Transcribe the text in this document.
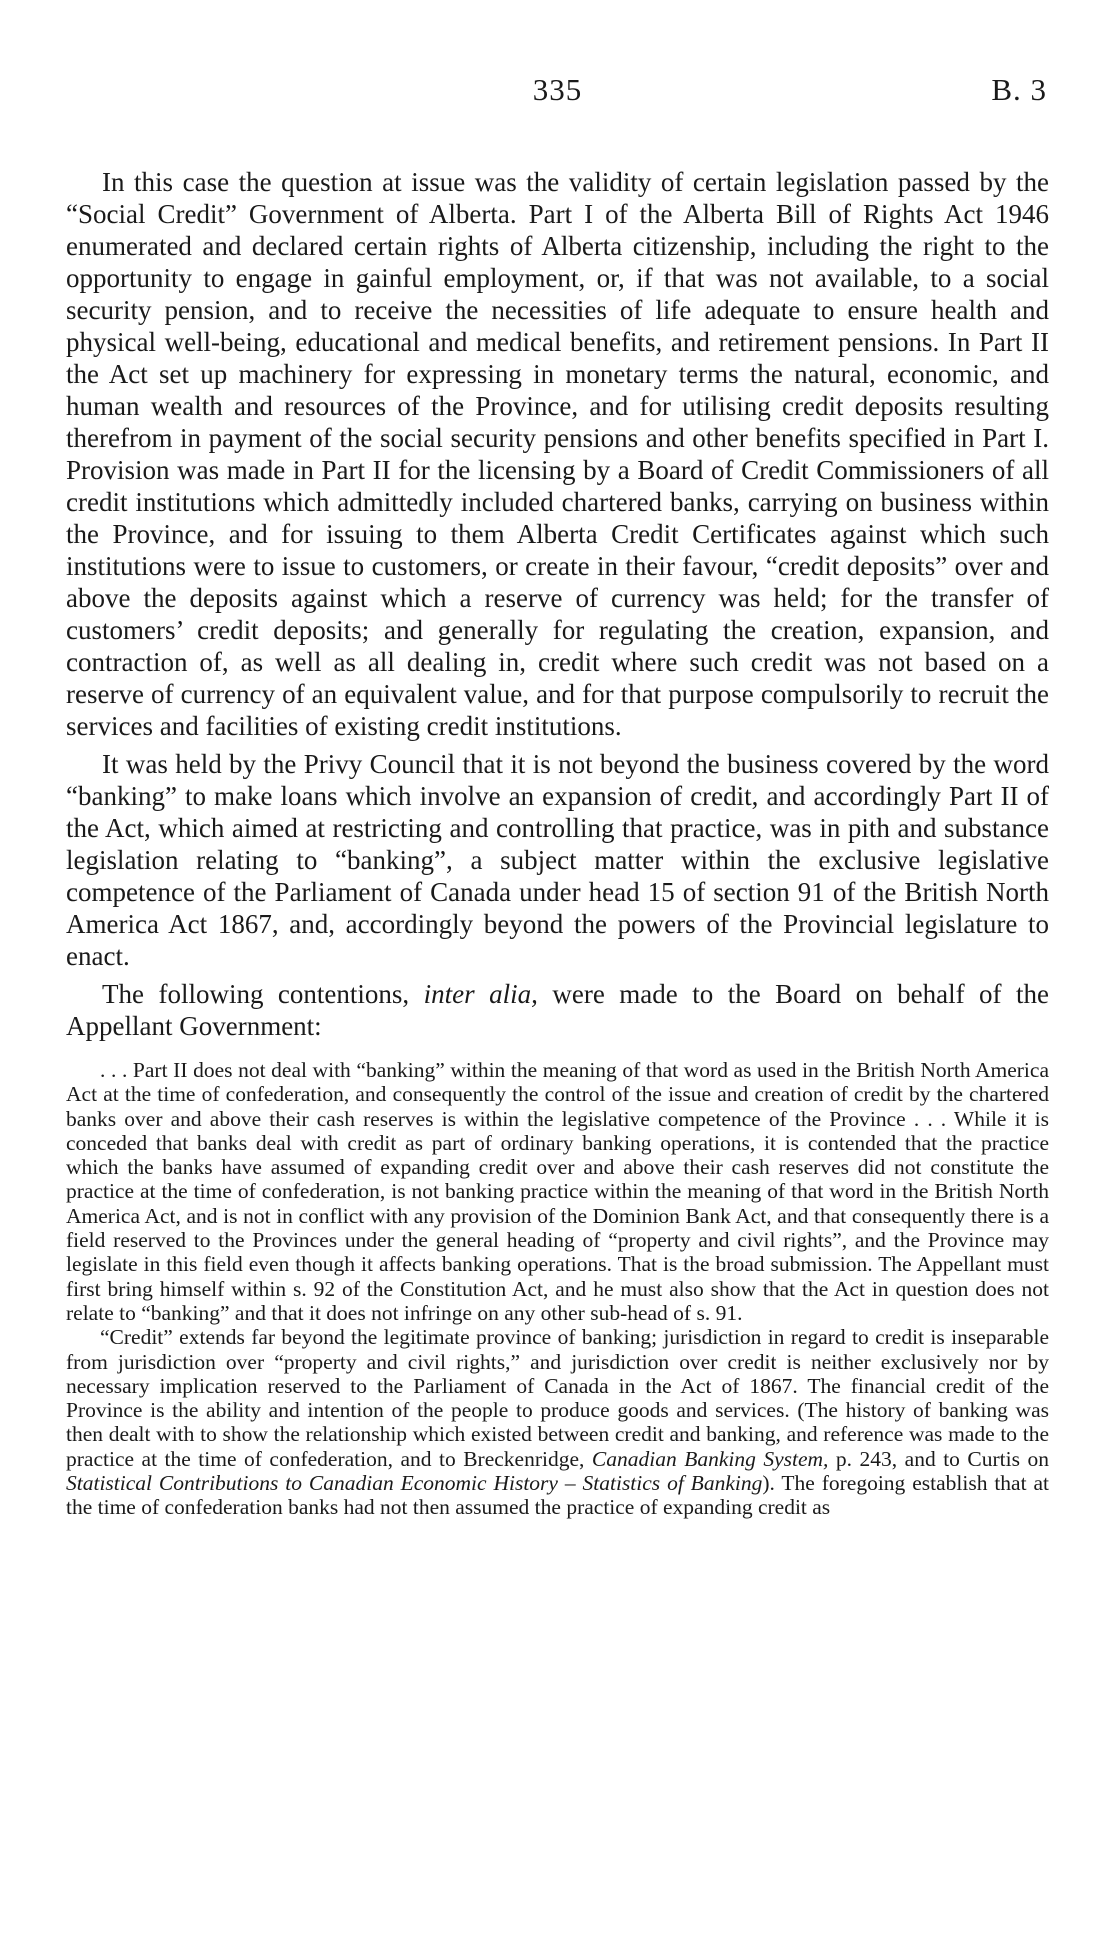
335	B. 3

In this case the question at issue was the validity of certain legislation passed by the “Social Credit” Government of Alberta. Part I of the Alberta Bill of Rights Act 1946 enumerated and declared certain rights of Alberta citizenship, including the right to the opportunity to engage in gainful employment, or, if that was not available, to a social security pension, and to receive the necessities of life adequate to ensure health and physical well-being, educational and medical benefits, and retirement pensions. In Part II the Act set up machinery for expressing in monetary terms the natural, economic, and human wealth and resources of the Province, and for utilising credit deposits resulting therefrom in payment of the social security pensions and other benefits specified in Part I. Provision was made in Part II for the licensing by a Board of Credit Commissioners of all credit institutions which admittedly included chartered banks, carrying on business within the Province, and for issuing to them Alberta Credit Certificates against which such institutions were to issue to customers, or create in their favour, “credit deposits” over and above the deposits against which a reserve of currency was held; for the transfer of customers’ credit deposits; and generally for regulating the creation, expansion, and contraction of, as well as all dealing in, credit where such credit was not based on a reserve of currency of an equivalent value, and for that purpose compulsorily to recruit the services and facilities of existing credit institutions.

It was held by the Privy Council that it is not beyond the business covered by the word “banking” to make loans which involve an expansion of credit, and accordingly Part II of the Act, which aimed at restricting and controlling that practice, was in pith and substance legislation relating to “banking”, a subject matter within the exclusive legislative competence of the Parliament of Canada under head 15 of section 91 of the British North America Act 1867, and, accordingly beyond the powers of the Provincial legislature to enact.

The following contentions, inter alia, were made to the Board on behalf of the Appellant Government:

. . . Part II does not deal with “banking” within the meaning of that word as used in the British North America Act at the time of confederation, and consequently the control of the issue and creation of credit by the chartered banks over and above their cash reserves is within the legislative competence of the Province . . . While it is conceded that banks deal with credit as part of ordinary banking operations, it is contended that the practice which the banks have assumed of expanding credit over and above their cash reserves did not constitute the practice at the time of confederation, is not banking practice within the meaning of that word in the British North America Act, and is not in conflict with any provision of the Dominion Bank Act, and that consequently there is a field reserved to the Provinces under the general heading of “property and civil rights”, and the Province may legislate in this field even though it affects banking operations. That is the broad submission. The Appellant must first bring himself within s. 92 of the Constitution Act, and he must also show that the Act in question does not relate to “banking” and that it does not infringe on any other sub-head of s. 91.

“Credit” extends far beyond the legitimate province of banking; jurisdiction in regard to credit is inseparable from jurisdiction over “property and civil rights,” and jurisdiction over credit is neither exclusively nor by necessary implication reserved to the Parliament of Canada in the Act of 1867. The financial credit of the Province is the ability and intention of the people to produce goods and services. (The history of banking was then dealt with to show the relationship which existed between credit and banking, and reference was made to the practice at the time of confederation, and to Breckenridge, Canadian Banking System, p. 243, and to Curtis on Statistical Contributions to Canadian Economic History – Statistics of Banking). The foregoing establish that at the time of confederation banks had not then assumed the practice of expanding credit as
